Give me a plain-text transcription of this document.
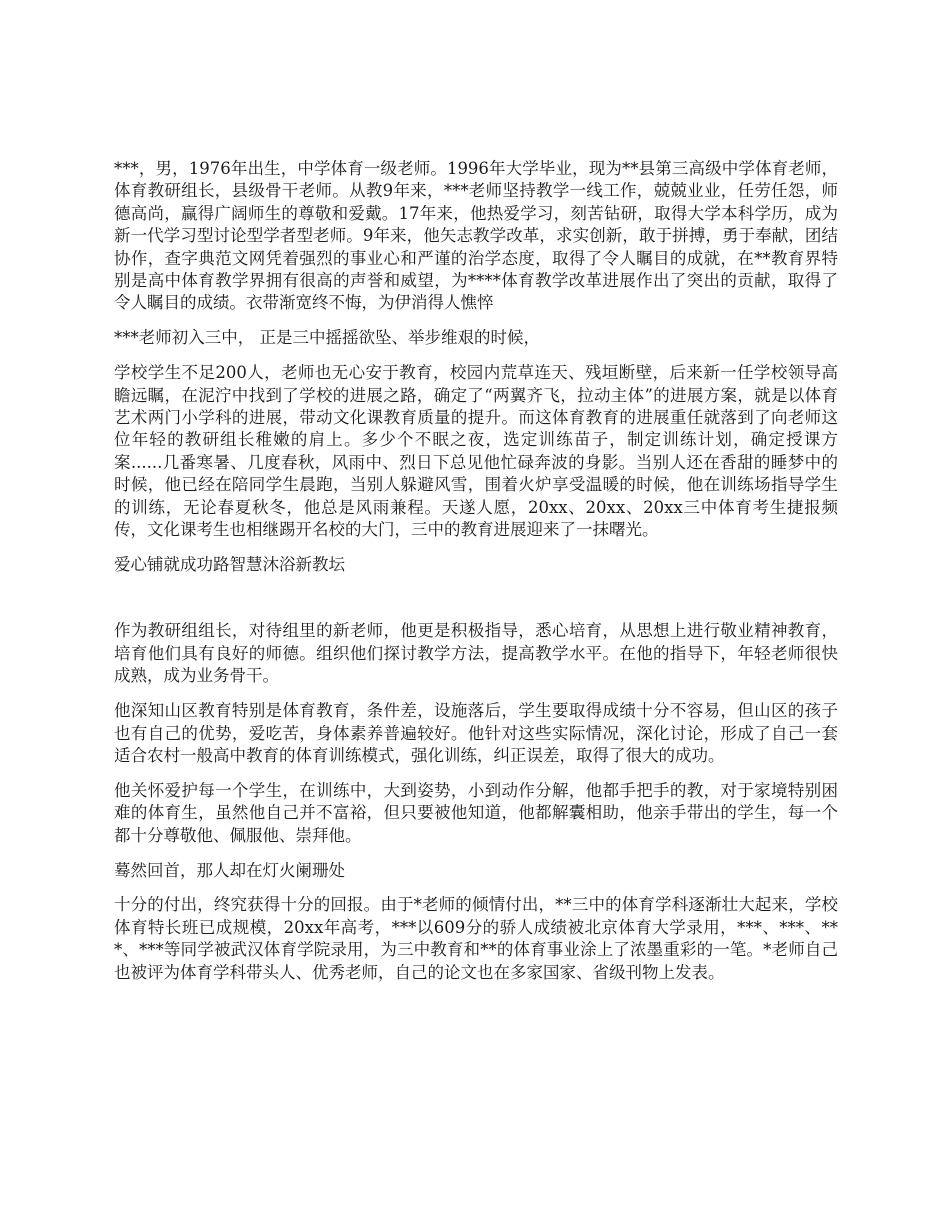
***，男，1976年出生，中学体育一级老师。1996年大学毕业，现为**县第三高级中学体育老师，体育教研组长，县级骨干老师。从教9年来，***老师坚持教学一线工作，兢兢业业，任劳任怨，师德高尚，赢得广阔师生的尊敬和爱戴。17年来，他热爱学习，刻苦钻研，取得大学本科学历，成为新一代学习型讨论型学者型老师。9年来，他矢志教学改革，求实创新，敢于拼搏，勇于奉献，团结协作，查字典范文网凭着强烈的事业心和严谨的治学态度，取得了令人瞩目的成就，在**教育界特别是高中体育教学界拥有很高的声誉和威望，为****体育教学改革进展作出了突出的贡献，取得了令人瞩目的成绩。衣带渐宽终不悔，为伊消得人憔悴

***老师初入三中， 正是三中摇摇欲坠、举步维艰的时候，

学校学生不足200人，老师也无心安于教育，校园内荒草连天、残垣断壁，后来新一任学校领导高瞻远瞩，在泥泞中找到了学校的进展之路，确定了“两翼齐飞，拉动主体”的进展方案，就是以体育艺术两门小学科的进展，带动文化课教育质量的提升。而这体育教育的进展重任就落到了向老师这位年轻的教研组长稚嫩的肩上。多少个不眠之夜，选定训练苗子，制定训练计划，确定授课方案......几番寒暑、几度春秋，风雨中、烈日下总见他忙碌奔波的身影。当别人还在香甜的睡梦中的时候，他已经在陪同学生晨跑，当别人躲避风雪，围着火炉享受温暖的时候，他在训练场指导学生的训练，无论春夏秋冬，他总是风雨兼程。天遂人愿，20xx、20xx、20xx三中体育考生捷报频传，文化课考生也相继踢开名校的大门，三中的教育进展迎来了一抹曙光。

爱心铺就成功路智慧沐浴新教坛

作为教研组组长，对待组里的新老师，他更是积极指导，悉心培育，从思想上进行敬业精神教育，培育他们具有良好的师德。组织他们探讨教学方法，提高教学水平。在他的指导下，年轻老师很快成熟，成为业务骨干。

他深知山区教育特别是体育教育，条件差，设施落后，学生要取得成绩十分不容易，但山区的孩子也有自己的优势，爱吃苦，身体素养普遍较好。他针对这些实际情况，深化讨论，形成了自己一套适合农村一般高中教育的体育训练模式，强化训练，纠正误差，取得了很大的成功。

他关怀爱护每一个学生，在训练中，大到姿势，小到动作分解，他都手把手的教，对于家境特别困难的体育生，虽然他自己并不富裕，但只要被他知道，他都解囊相助，他亲手带出的学生，每一个都十分尊敬他、佩服他、崇拜他。

蓦然回首，那人却在灯火阑珊处

十分的付出，终究获得十分的回报。由于*老师的倾情付出，**三中的体育学科逐渐壮大起来，学校体育特长班已成规模，20xx年高考，***以609分的骄人成绩被北京体育大学录用，***、***、***、***等同学被武汉体育学院录用，为三中教育和**的体育事业涂上了浓墨重彩的一笔。*老师自己也被评为体育学科带头人、优秀老师，自己的论文也在多家国家、省级刊物上发表。
